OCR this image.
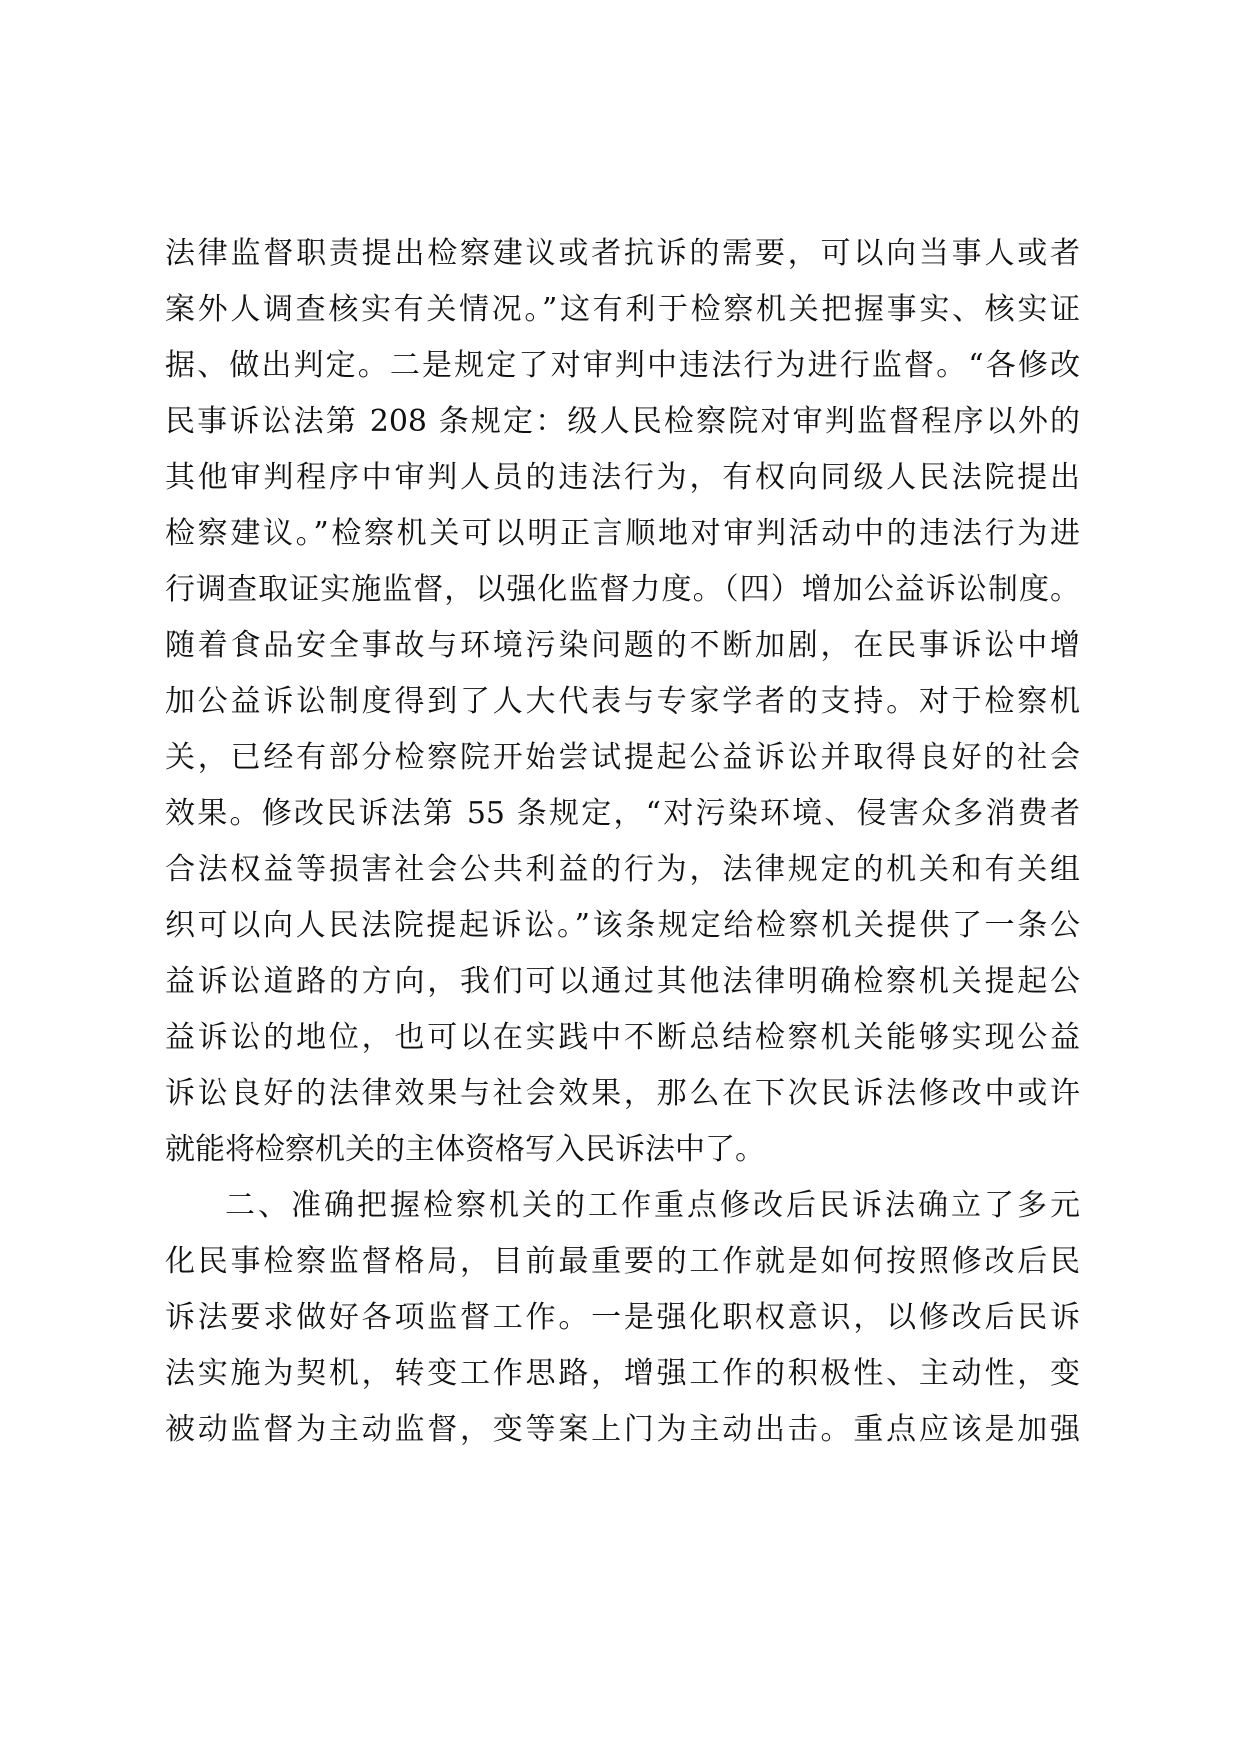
法律监督职责提出检察建议或者抗诉的需要，可以向当事人或者
案外人调查核实有关情况。”这有利于检察机关把握事实、核实证
据、做出判定。二是规定了对审判中违法行为进行监督。“各修改
民事诉讼法第 208 条规定：级人民检察院对审判监督程序以外的
其他审判程序中审判人员的违法行为，有权向同级人民法院提出
检察建议。”检察机关可以明正言顺地对审判活动中的违法行为进
行调查取证实施监督，以强化监督力度。（四）增加公益诉讼制度。
随着食品安全事故与环境污染问题的不断加剧，在民事诉讼中增
加公益诉讼制度得到了人大代表与专家学者的支持。对于检察机
关，已经有部分检察院开始尝试提起公益诉讼并取得良好的社会
效果。修改民诉法第 55 条规定，“对污染环境、侵害众多消费者
合法权益等损害社会公共利益的行为，法律规定的机关和有关组
织可以向人民法院提起诉讼。”该条规定给检察机关提供了一条公
益诉讼道路的方向，我们可以通过其他法律明确检察机关提起公
益诉讼的地位，也可以在实践中不断总结检察机关能够实现公益
诉讼良好的法律效果与社会效果，那么在下次民诉法修改中或许
就能将检察机关的主体资格写入民诉法中了。
二、准确把握检察机关的工作重点修改后民诉法确立了多元
化民事检察监督格局，目前最重要的工作就是如何按照修改后民
诉法要求做好各项监督工作。一是强化职权意识，以修改后民诉
法实施为契机，转变工作思路，增强工作的积极性、主动性，变
被动监督为主动监督，变等案上门为主动出击。重点应该是加强
